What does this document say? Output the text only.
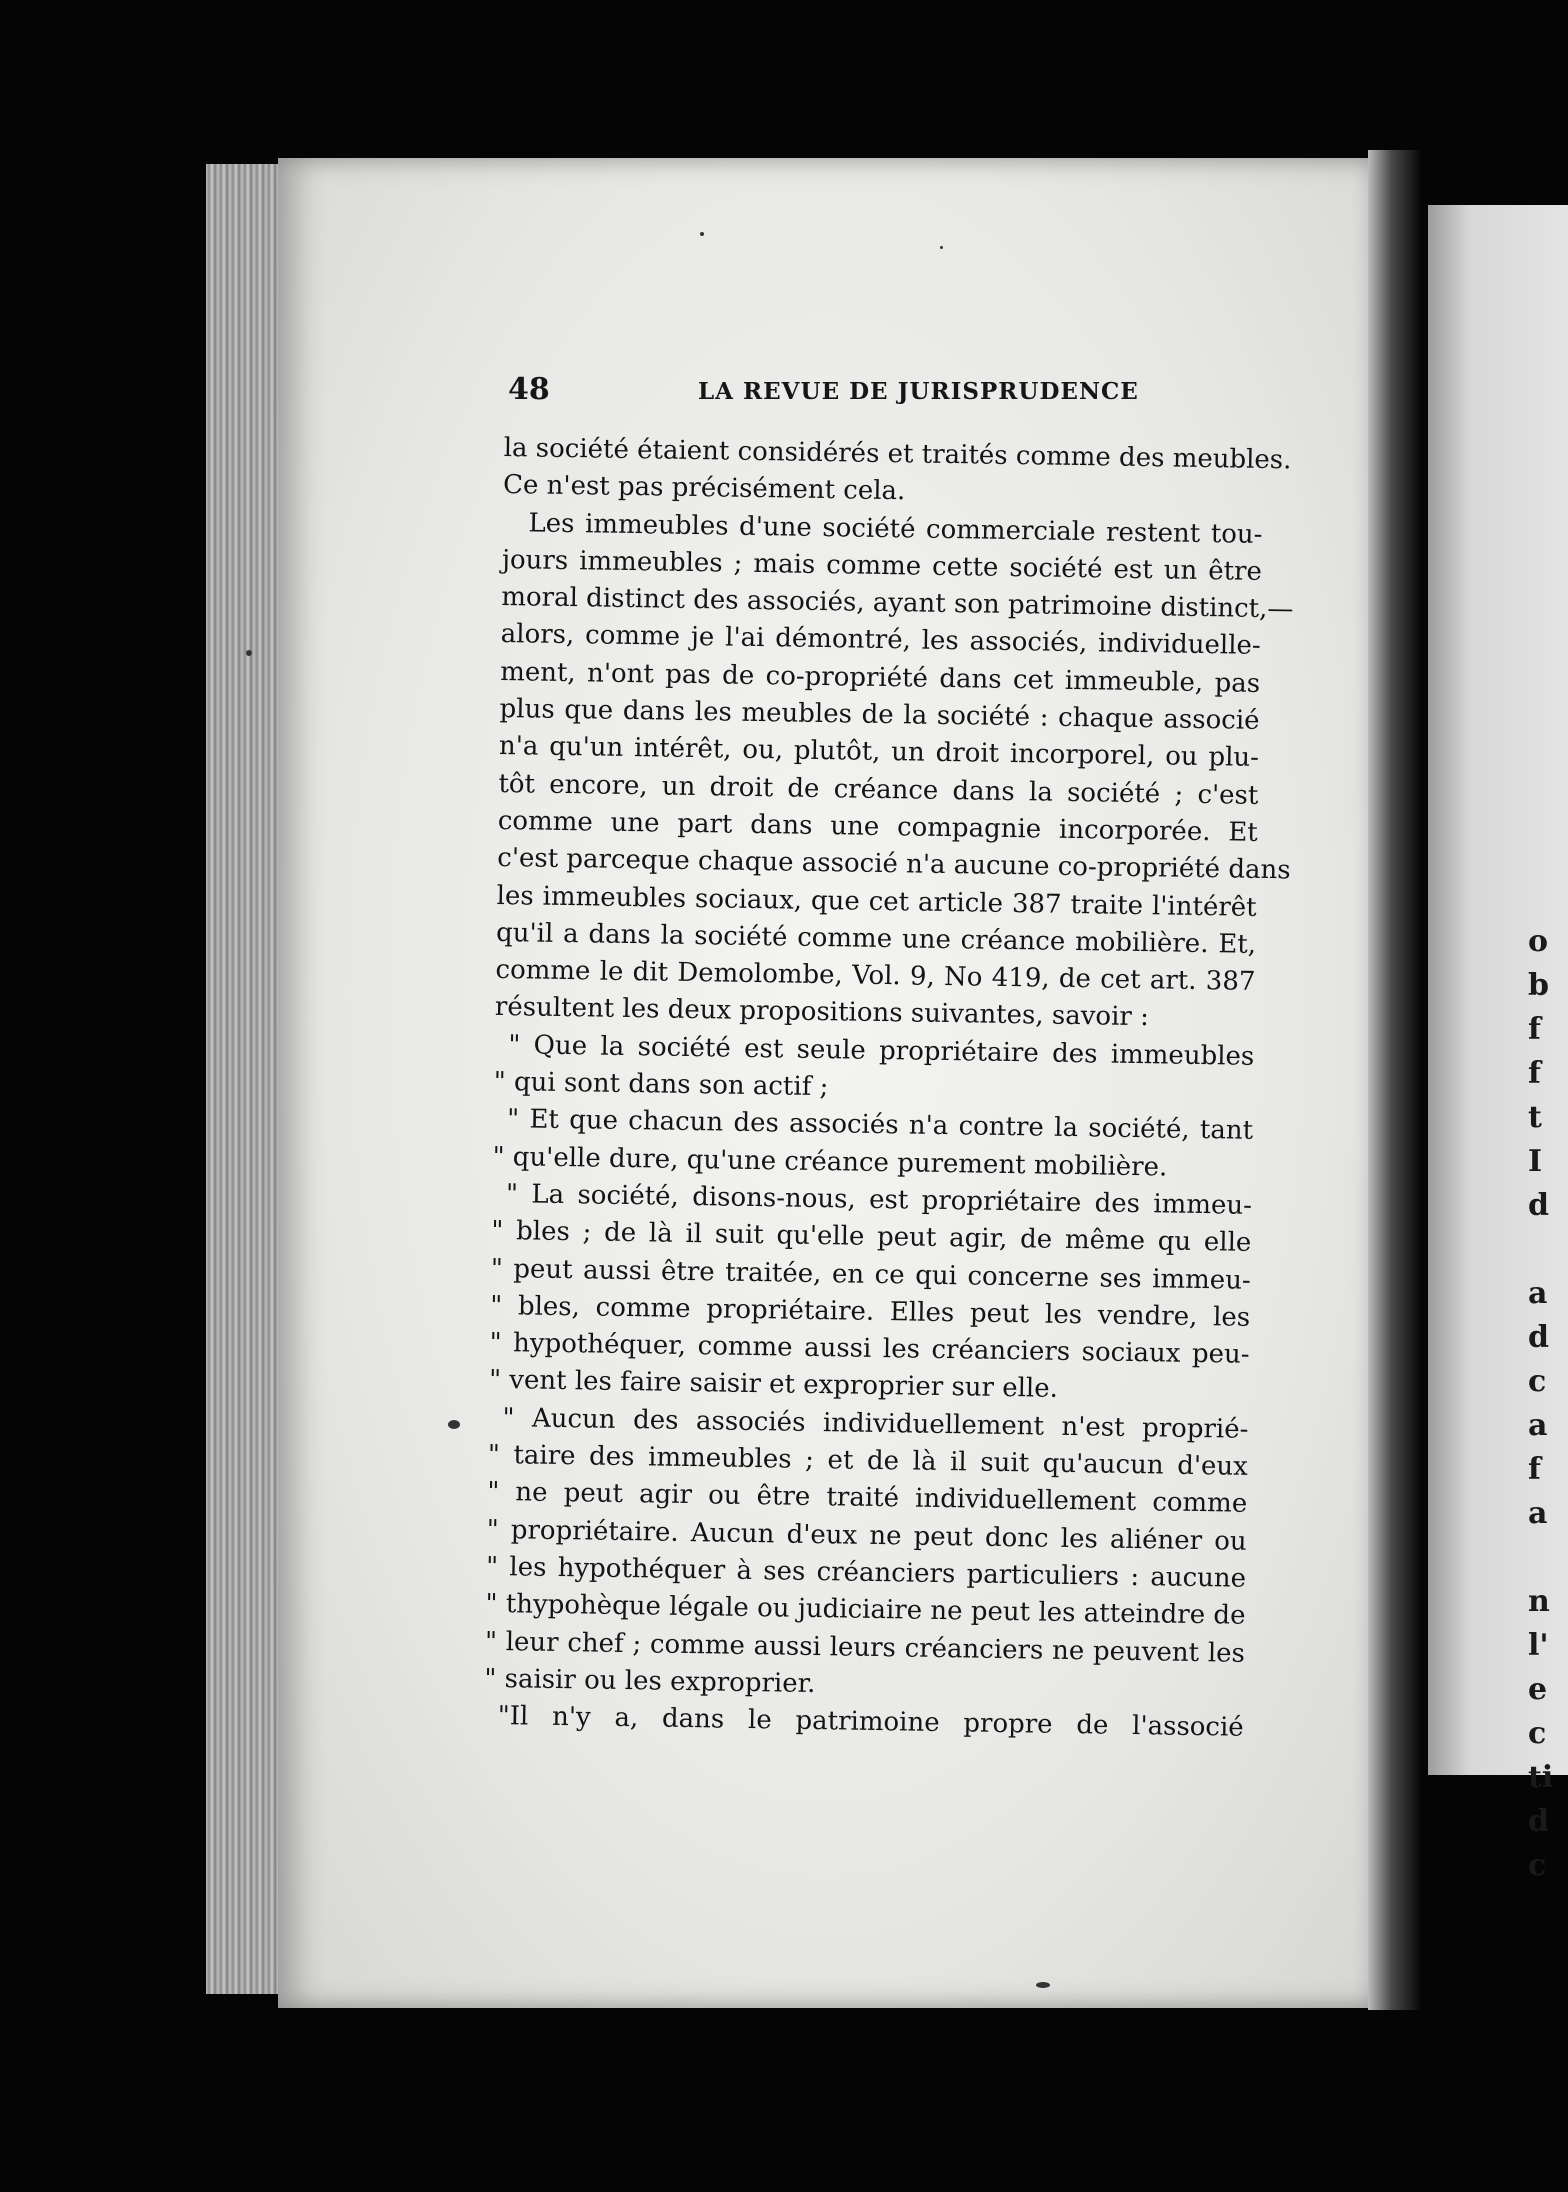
o
b
f
f
t
I
d
a
d
c
a
f
a
n
l'
e
c
ti
d
c
48	LA REVUE DE JURISPRUDENCE
la société étaient considérés et traités comme des meubles.
Ce n'est pas précisément cela.
Les immeubles d'une société commerciale restent tou-
jours immeubles ; mais comme cette société est un être
moral distinct des associés, ayant son patrimoine distinct,—
alors, comme je l'ai démontré, les associés, individuelle-
ment, n'ont pas de co-propriété dans cet immeuble, pas
plus que dans les meubles de la société : chaque associé
n'a qu'un intérêt, ou, plutôt, un droit incorporel, ou plu-
tôt encore, un droit de créance dans la société ; c'est
comme une part dans une compagnie incorporée. Et
c'est parceque chaque associé n'a aucune co-propriété dans
les immeubles sociaux, que cet article 387 traite l'intérêt
qu'il a dans la société comme une créance mobilière. Et,
comme le dit Demolombe, Vol. 9, No 419, de cet art. 387
résultent les deux propositions suivantes, savoir :
" Que la société est seule propriétaire des immeubles
" qui sont dans son actif ;
" Et que chacun des associés n'a contre la société, tant
" qu'elle dure, qu'une créance purement mobilière.
" La société, disons-nous, est propriétaire des immeu-
" bles ; de là il suit qu'elle peut agir, de même qu elle
" peut aussi être traitée, en ce qui concerne ses immeu-
" bles, comme propriétaire. Elles peut les vendre, les
" hypothéquer, comme aussi les créanciers sociaux peu-
" vent les faire saisir et exproprier sur elle.
" Aucun des associés individuellement n'est proprié-
" taire des immeubles ; et de là il suit qu'aucun d'eux
" ne peut agir ou être traité individuellement comme
" propriétaire. Aucun d'eux ne peut donc les aliéner ou
" les hypothéquer à ses créanciers particuliers : aucune
" thypohèque légale ou judiciaire ne peut les atteindre de
" leur chef ; comme aussi leurs créanciers ne peuvent les
" saisir ou les exproprier.
"Il n'y a, dans le patrimoine propre de l'associé
